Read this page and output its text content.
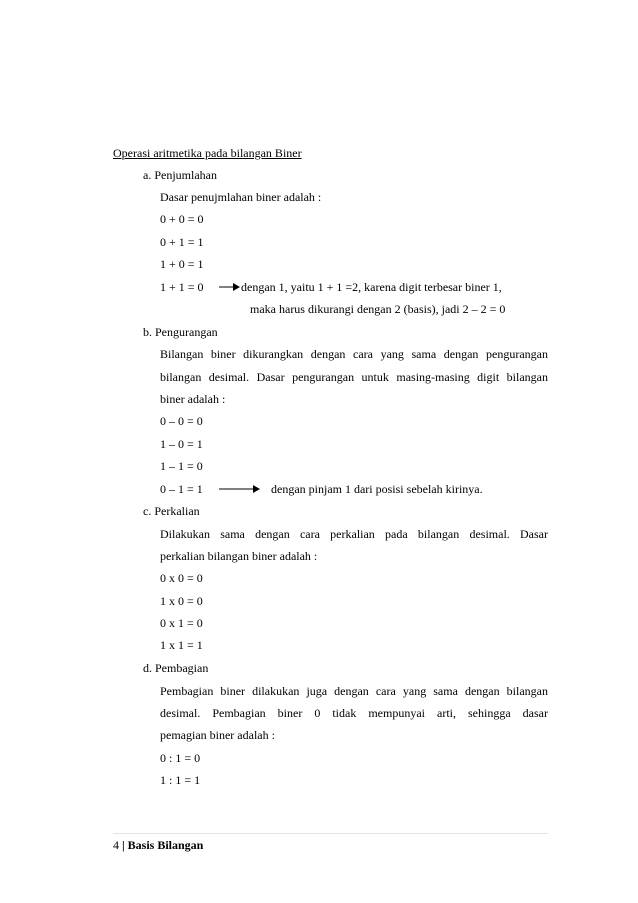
Operasi aritmetika pada bilangan Biner
a. Penjumlahan
Dasar penujmlahan biner adalah :
0 + 0 = 0
0 + 1 = 1
1 + 0 = 1
1 + 1 = 0	dengan 1, yaitu 1 + 1 =2, karena digit terbesar biner 1,
maka harus dikurangi dengan 2 (basis), jadi 2 – 2 = 0
b. Pengurangan
Bilangan biner dikurangkan dengan cara yang sama dengan pengurangan
bilangan desimal. Dasar pengurangan untuk masing-masing digit bilangan
biner adalah :
0 – 0 = 0
1 – 0 = 1
1 – 1 = 0
0 – 1 = 1	dengan pinjam 1 dari posisi sebelah kirinya.
c. Perkalian
Dilakukan sama dengan cara perkalian pada bilangan desimal. Dasar
perkalian bilangan biner adalah :
0 x 0 = 0
1 x 0 = 0
0 x 1 = 0
1 x 1 = 1
d. Pembagian
Pembagian biner dilakukan juga dengan cara yang sama dengan bilangan
desimal. Pembagian biner 0 tidak mempunyai arti, sehingga dasar
pemagian biner adalah :
0 : 1 = 0
1 : 1 = 1
4 | Basis Bilangan
